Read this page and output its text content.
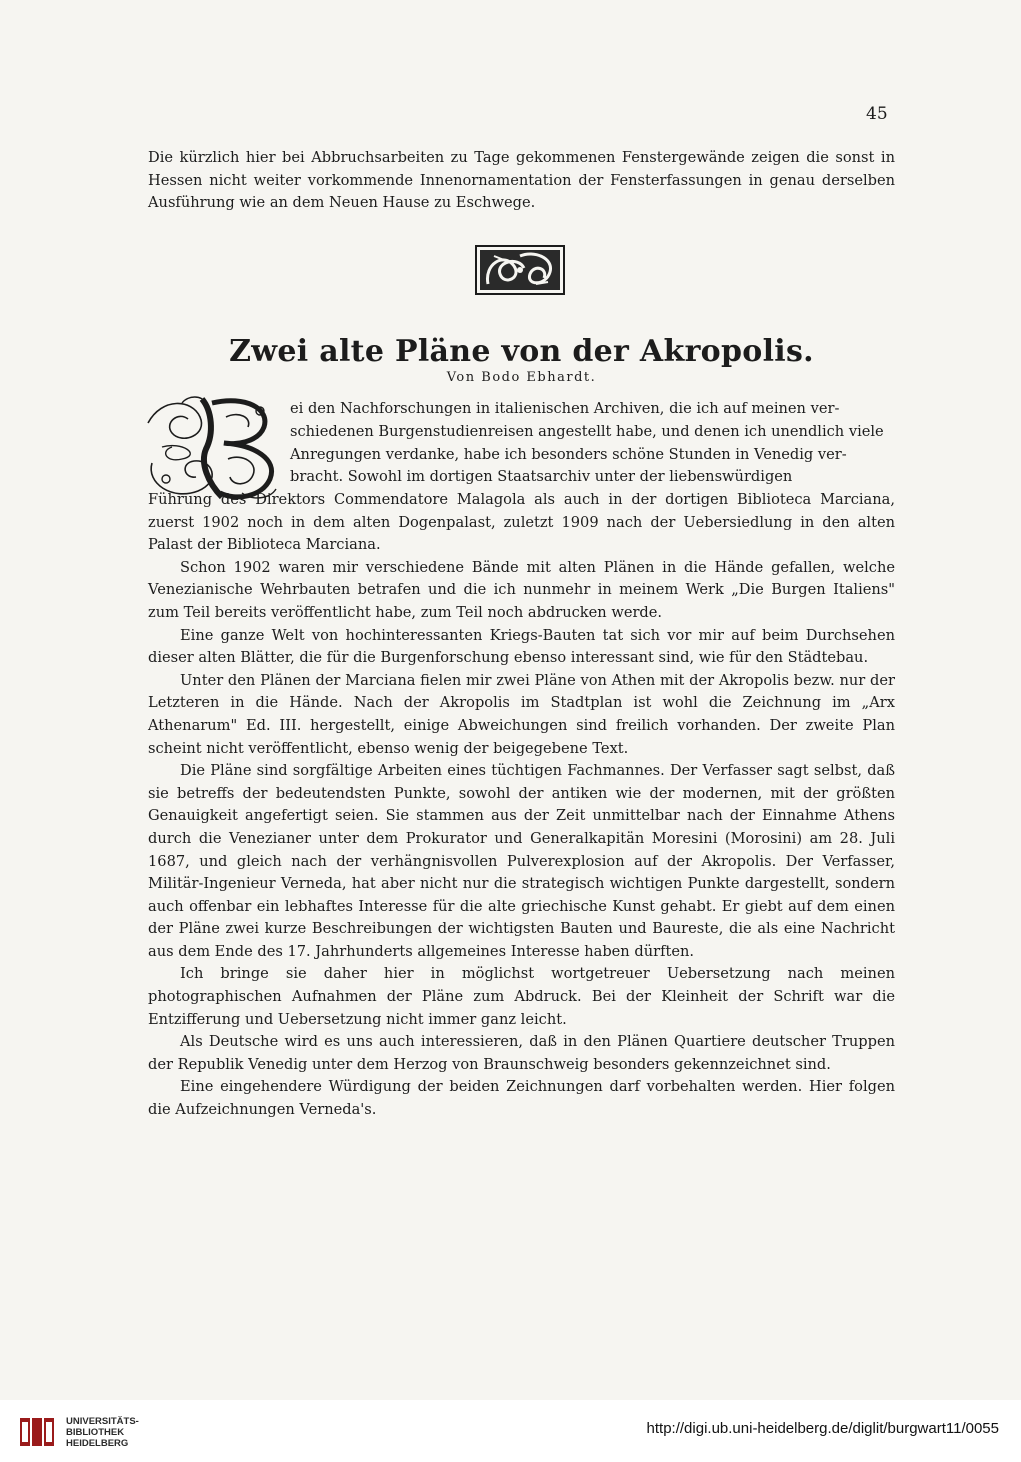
45

Die kürzlich hier bei Abbruchsarbeiten zu Tage gekommenen Fenstergewände zeigen die sonst in Hessen nicht weiter vorkommende Innenornamentation der Fensterfassungen in genau derselben Ausführung wie an dem Neuen Hause zu Eschwege.

Zwei alte Pläne von der Akropolis.
Von Bodo Ebhardt.

ei den Nachforschungen in italienischen Archiven, die ich auf meinen ver-

schiedenen Burgenstudienreisen angestellt habe, und denen ich unendlich viele

Anregungen verdanke, habe ich besonders schöne Stunden in Venedig ver-

bracht. Sowohl im dortigen Staatsarchiv unter der liebenswürdigen

Führung des Direktors Commendatore Malagola als auch in der dortigen Biblioteca Marciana, zuerst 1902 noch in dem alten Dogenpalast, zuletzt 1909 nach der Uebersiedlung in den alten Palast der Biblioteca Marciana.

Schon 1902 waren mir verschiedene Bände mit alten Plänen in die Hände gefallen, welche Venezianische Wehrbauten betrafen und die ich nunmehr in meinem Werk „Die Burgen Italiens" zum Teil bereits veröffentlicht habe, zum Teil noch abdrucken werde.

Eine ganze Welt von hochinteressanten Kriegs-Bauten tat sich vor mir auf beim Durchsehen dieser alten Blätter, die für die Burgenforschung ebenso interessant sind, wie für den Städtebau.

Unter den Plänen der Marciana fielen mir zwei Pläne von Athen mit der Akropolis bezw. nur der Letzteren in die Hände. Nach der Akropolis im Stadtplan ist wohl die Zeichnung im „Arx Athenarum" Ed. III. hergestellt, einige Abweichungen sind freilich vorhanden. Der zweite Plan scheint nicht veröffentlicht, ebenso wenig der beigegebene Text.

Die Pläne sind sorgfältige Arbeiten eines tüchtigen Fachmannes. Der Verfasser sagt selbst, daß sie betreffs der bedeutendsten Punkte, sowohl der antiken wie der modernen, mit der größten Genauigkeit angefertigt seien. Sie stammen aus der Zeit unmittelbar nach der Einnahme Athens durch die Venezianer unter dem Prokurator und Generalkapitän Moresini (Morosini) am 28. Juli 1687, und gleich nach der verhängnisvollen Pulverexplosion auf der Akropolis. Der Verfasser, Militär-Ingenieur Verneda, hat aber nicht nur die strategisch wichtigen Punkte dargestellt, sondern auch offenbar ein lebhaftes Interesse für die alte griechische Kunst gehabt. Er giebt auf dem einen der Pläne zwei kurze Beschreibungen der wichtigsten Bauten und Baureste, die als eine Nachricht aus dem Ende des 17. Jahrhunderts allgemeines Interesse haben dürften.

Ich bringe sie daher hier in möglichst wortgetreuer Uebersetzung nach meinen photographischen Aufnahmen der Pläne zum Abdruck. Bei der Kleinheit der Schrift war die Entzifferung und Uebersetzung nicht immer ganz leicht.

Als Deutsche wird es uns auch interessieren, daß in den Plänen Quartiere deutscher Truppen der Republik Venedig unter dem Herzog von Braunschweig besonders gekennzeichnet sind.

Eine eingehendere Würdigung der beiden Zeichnungen darf vorbehalten werden. Hier folgen die Aufzeichnungen Verneda's.

UNIVERSITÄTS-
BIBLIOTHEK
HEIDELBERG
http://digi.ub.uni-heidelberg.de/diglit/burgwart11/0055
